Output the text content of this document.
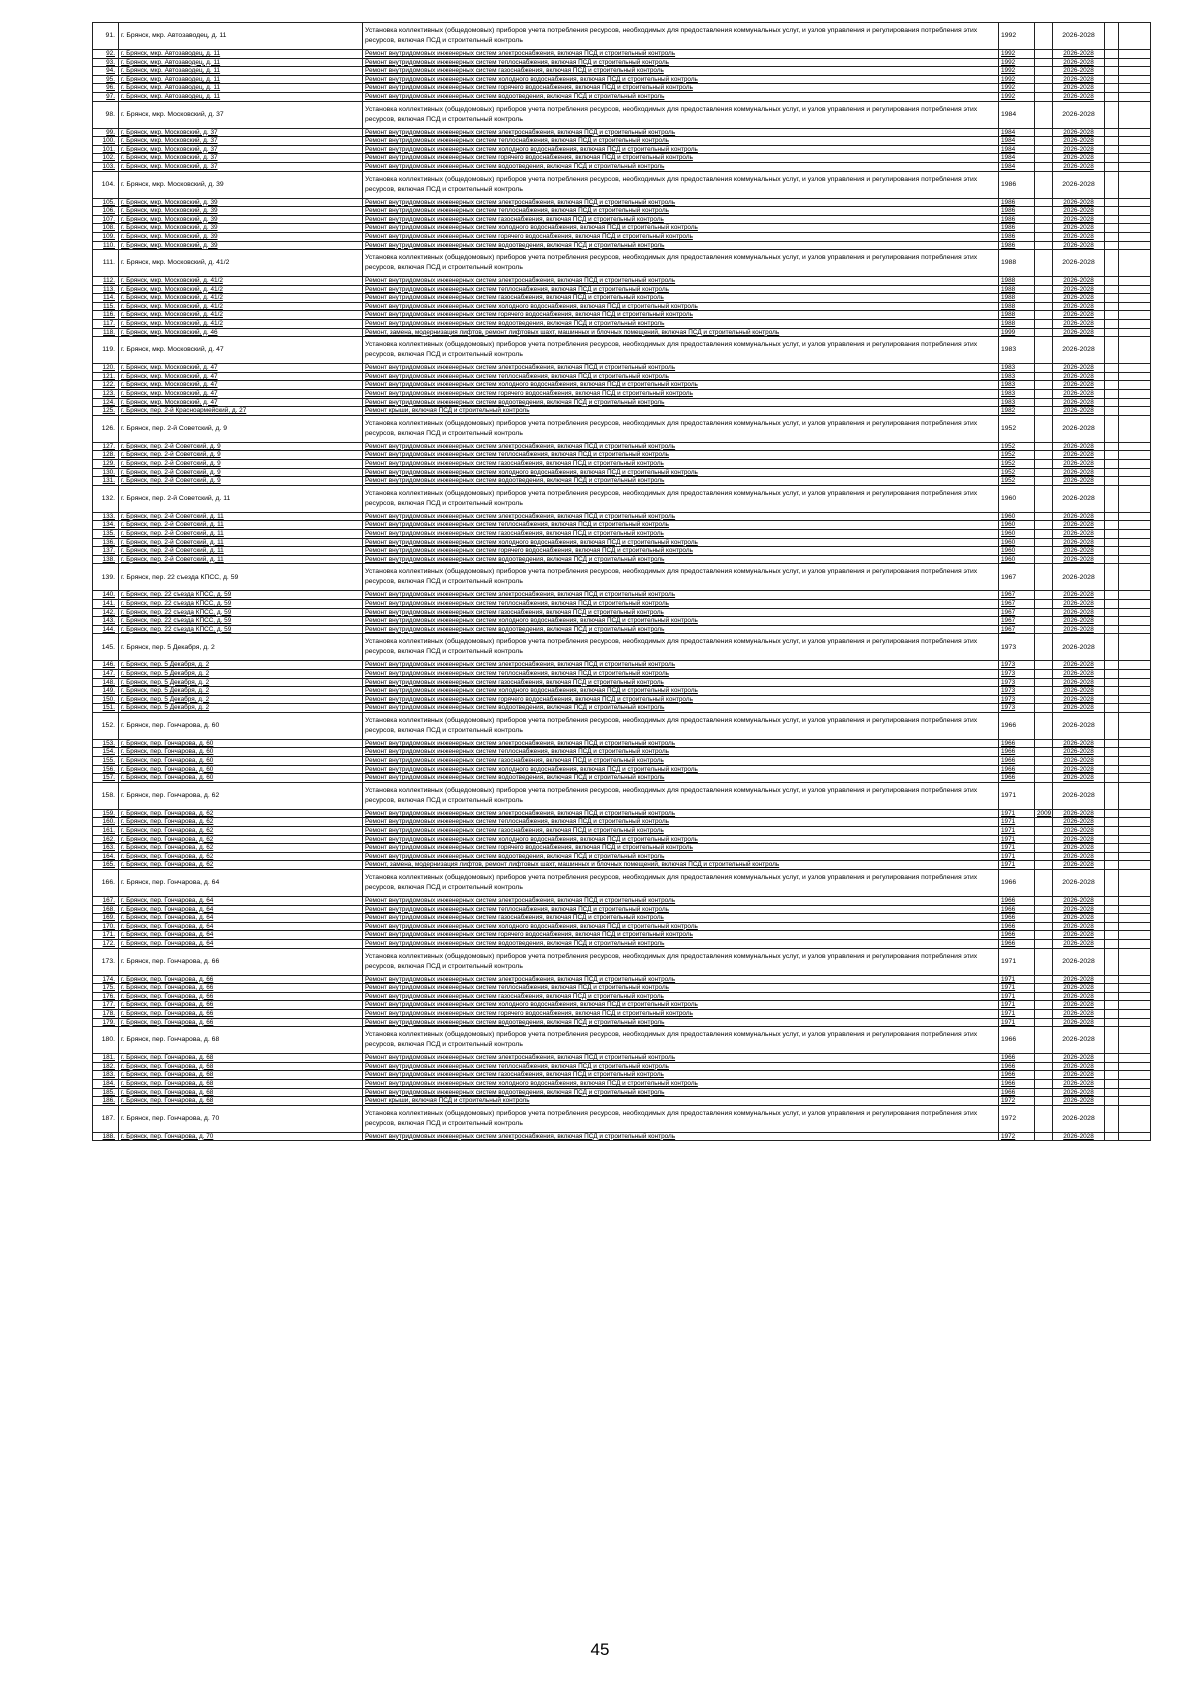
91.	г. Брянск, мкр. Автозаводец, д. 11	Установка коллективных (общедомовых) приборов учета потребления ресурсов, необходимых для предоставления коммунальных услуг, и узлов управления и регулирования потребления этих ресурсов, включая ПСД и строительный контроль	1992		2026-2028		
92.	г. Брянск, мкр. Автозаводец, д. 11	Ремонт внутридомовых инженерных систем электроснабжения, включая ПСД и строительный контроль	1992		2026-2028		
93.	г. Брянск, мкр. Автозаводец, д. 11	Ремонт внутридомовых инженерных систем теплоснабжения, включая ПСД и строительный контроль	1992		2026-2028		
94.	г. Брянск, мкр. Автозаводец, д. 11	Ремонт внутридомовых инженерных систем газоснабжения, включая ПСД и строительный контроль	1992		2026-2028		
95.	г. Брянск, мкр. Автозаводец, д. 11	Ремонт внутридомовых инженерных систем холодного водоснабжения, включая ПСД и строительный контроль	1992		2026-2028		
96.	г. Брянск, мкр. Автозаводец, д. 11	Ремонт внутридомовых инженерных систем горячего водоснабжения, включая ПСД и строительный контроль	1992		2026-2028		
97.	г. Брянск, мкр. Автозаводец, д. 11	Ремонт внутридомовых инженерных систем водоотведения, включая ПСД и строительный контроль	1992		2026-2028		
98.	г. Брянск, мкр. Московский, д. 37	Установка коллективных (общедомовых) приборов учета потребления ресурсов, необходимых для предоставления коммунальных услуг, и узлов управления и регулирования потребления этих ресурсов, включая ПСД и строительный контроль	1984		2026-2028		
99.	г. Брянск, мкр. Московский, д. 37	Ремонт внутридомовых инженерных систем электроснабжения, включая ПСД и строительный контроль	1984		2026-2028		
100.	г. Брянск, мкр. Московский, д. 37	Ремонт внутридомовых инженерных систем теплоснабжения, включая ПСД и строительный контроль	1984		2026-2028		
101.	г. Брянск, мкр. Московский, д. 37	Ремонт внутридомовых инженерных систем холодного водоснабжения, включая ПСД и строительный контроль	1984		2026-2028		
102.	г. Брянск, мкр. Московский, д. 37	Ремонт внутридомовых инженерных систем горячего водоснабжения, включая ПСД и строительный контроль	1984		2026-2028		
103.	г. Брянск, мкр. Московский, д. 37	Ремонт внутридомовых инженерных систем водоотведения, включая ПСД и строительный контроль	1984		2026-2028		
104.	г. Брянск, мкр. Московский, д. 39	Установка коллективных (общедомовых) приборов учета потребления ресурсов, необходимых для предоставления коммунальных услуг, и узлов управления и регулирования потребления этих ресурсов, включая ПСД и строительный контроль	1986		2026-2028		
105.	г. Брянск, мкр. Московский, д. 39	Ремонт внутридомовых инженерных систем электроснабжения, включая ПСД и строительный контроль	1986		2026-2028		
106.	г. Брянск, мкр. Московский, д. 39	Ремонт внутридомовых инженерных систем теплоснабжения, включая ПСД и строительный контроль	1986		2026-2028		
107.	г. Брянск, мкр. Московский, д. 39	Ремонт внутридомовых инженерных систем газоснабжения, включая ПСД и строительный контроль	1986		2026-2028		
108.	г. Брянск, мкр. Московский, д. 39	Ремонт внутридомовых инженерных систем холодного водоснабжения, включая ПСД и строительный контроль	1986		2026-2028		
109.	г. Брянск, мкр. Московский, д. 39	Ремонт внутридомовых инженерных систем горячего водоснабжения, включая ПСД и строительный контроль	1986		2026-2028		
110.	г. Брянск, мкр. Московский, д. 39	Ремонт внутридомовых инженерных систем водоотведения, включая ПСД и строительный контроль	1986		2026-2028		
111.	г. Брянск, мкр. Московский, д. 41/2	Установка коллективных (общедомовых) приборов учета потребления ресурсов, необходимых для предоставления коммунальных услуг, и узлов управления и регулирования потребления этих ресурсов, включая ПСД и строительный контроль	1988		2026-2028		
112.	г. Брянск, мкр. Московский, д. 41/2	Ремонт внутридомовых инженерных систем электроснабжения, включая ПСД и строительный контроль	1988		2026-2028		
113.	г. Брянск, мкр. Московский, д. 41/2	Ремонт внутридомовых инженерных систем теплоснабжения, включая ПСД и строительный контроль	1988		2026-2028		
114.	г. Брянск, мкр. Московский, д. 41/2	Ремонт внутридомовых инженерных систем газоснабжения, включая ПСД и строительный контроль	1988		2026-2028		
115.	г. Брянск, мкр. Московский, д. 41/2	Ремонт внутридомовых инженерных систем холодного водоснабжения, включая ПСД и строительный контроль	1988		2026-2028		
116.	г. Брянск, мкр. Московский, д. 41/2	Ремонт внутридомовых инженерных систем горячего водоснабжения, включая ПСД и строительный контроль	1988		2026-2028		
117.	г. Брянск, мкр. Московский, д. 41/2	Ремонт внутридомовых инженерных систем водоотведения, включая ПСД и строительный контроль	1988		2026-2028		
118.	г. Брянск, мкр. Московский, д. 46	Ремонт, замена, модернизация лифтов, ремонт лифтовых шахт, машинных и блочных помещений, включая ПСД и строительный контроль	1999		2026-2028		
119.	г. Брянск, мкр. Московский, д. 47	Установка коллективных (общедомовых) приборов учета потребления ресурсов, необходимых для предоставления коммунальных услуг, и узлов управления и регулирования потребления этих ресурсов, включая ПСД и строительный контроль	1983		2026-2028		
120.	г. Брянск, мкр. Московский, д. 47	Ремонт внутридомовых инженерных систем электроснабжения, включая ПСД и строительный контроль	1983		2026-2028		
121.	г. Брянск, мкр. Московский, д. 47	Ремонт внутридомовых инженерных систем теплоснабжения, включая ПСД и строительный контроль	1983		2026-2028		
122.	г. Брянск, мкр. Московский, д. 47	Ремонт внутридомовых инженерных систем холодного водоснабжения, включая ПСД и строительный контроль	1983		2026-2028		
123.	г. Брянск, мкр. Московский, д. 47	Ремонт внутридомовых инженерных систем горячего водоснабжения, включая ПСД и строительный контроль	1983		2026-2028		
124.	г. Брянск, мкр. Московский, д. 47	Ремонт внутридомовых инженерных систем водоотведения, включая ПСД и строительный контроль	1983		2026-2028		
125.	г. Брянск, пер. 2-й Красноармейский, д. 27	Ремонт крыши, включая ПСД и строительный контроль	1982		2026-2028		
126.	г. Брянск, пер. 2-й Советский, д. 9	Установка коллективных (общедомовых) приборов учета потребления ресурсов, необходимых для предоставления коммунальных услуг, и узлов управления и регулирования потребления этих ресурсов, включая ПСД и строительный контроль	1952		2026-2028		
127.	г. Брянск, пер. 2-й Советский, д. 9	Ремонт внутридомовых инженерных систем электроснабжения, включая ПСД и строительный контроль	1952		2026-2028		
128.	г. Брянск, пер. 2-й Советский, д. 9	Ремонт внутридомовых инженерных систем теплоснабжения, включая ПСД и строительный контроль	1952		2026-2028		
129.	г. Брянск, пер. 2-й Советский, д. 9	Ремонт внутридомовых инженерных систем газоснабжения, включая ПСД и строительный контроль	1952		2026-2028		
130.	г. Брянск, пер. 2-й Советский, д. 9	Ремонт внутридомовых инженерных систем холодного водоснабжения, включая ПСД и строительный контроль	1952		2026-2028		
131.	г. Брянск, пер. 2-й Советский, д. 9	Ремонт внутридомовых инженерных систем водоотведения, включая ПСД и строительный контроль	1952		2026-2028		
132.	г. Брянск, пер. 2-й Советский, д. 11	Установка коллективных (общедомовых) приборов учета потребления ресурсов, необходимых для предоставления коммунальных услуг, и узлов управления и регулирования потребления этих ресурсов, включая ПСД и строительный контроль	1960		2026-2028		
133.	г. Брянск, пер. 2-й Советский, д. 11	Ремонт внутридомовых инженерных систем электроснабжения, включая ПСД и строительный контроль	1960		2026-2028		
134.	г. Брянск, пер. 2-й Советский, д. 11	Ремонт внутридомовых инженерных систем теплоснабжения, включая ПСД и строительный контроль	1960		2026-2028		
135.	г. Брянск, пер. 2-й Советский, д. 11	Ремонт внутридомовых инженерных систем газоснабжения, включая ПСД и строительный контроль	1960		2026-2028		
136.	г. Брянск, пер. 2-й Советский, д. 11	Ремонт внутридомовых инженерных систем холодного водоснабжения, включая ПСД и строительный контроль	1960		2026-2028		
137.	г. Брянск, пер. 2-й Советский, д. 11	Ремонт внутридомовых инженерных систем горячего водоснабжения, включая ПСД и строительный контроль	1960		2026-2028		
138.	г. Брянск, пер. 2-й Советский, д. 11	Ремонт внутридомовых инженерных систем водоотведения, включая ПСД и строительный контроль	1960		2026-2028		
139.	г. Брянск, пер. 22 съезда КПСС, д. 59	Установка коллективных (общедомовых) приборов учета потребления ресурсов, необходимых для предоставления коммунальных услуг, и узлов управления и регулирования потребления этих ресурсов, включая ПСД и строительный контроль	1967		2026-2028		
140.	г. Брянск, пер. 22 съезда КПСС, д. 59	Ремонт внутридомовых инженерных систем электроснабжения, включая ПСД и строительный контроль	1967		2026-2028		
141.	г. Брянск, пер. 22 съезда КПСС, д. 59	Ремонт внутридомовых инженерных систем теплоснабжения, включая ПСД и строительный контроль	1967		2026-2028		
142.	г. Брянск, пер. 22 съезда КПСС, д. 59	Ремонт внутридомовых инженерных систем газоснабжения, включая ПСД и строительный контроль	1967		2026-2028		
143.	г. Брянск, пер. 22 съезда КПСС, д. 59	Ремонт внутридомовых инженерных систем холодного водоснабжения, включая ПСД и строительный контроль	1967		2026-2028		
144.	г. Брянск, пер. 22 съезда КПСС, д. 59	Ремонт внутридомовых инженерных систем водоотведения, включая ПСД и строительный контроль	1967		2026-2028		
145.	г. Брянск, пер. 5 Декабря, д. 2	Установка коллективных (общедомовых) приборов учета потребления ресурсов, необходимых для предоставления коммунальных услуг, и узлов управления и регулирования потребления этих ресурсов, включая ПСД и строительный контроль	1973		2026-2028		
146.	г. Брянск, пер. 5 Декабря, д. 2	Ремонт внутридомовых инженерных систем электроснабжения, включая ПСД и строительный контроль	1973		2026-2028		
147.	г. Брянск, пер. 5 Декабря, д. 2	Ремонт внутридомовых инженерных систем теплоснабжения, включая ПСД и строительный контроль	1973		2026-2028		
148.	г. Брянск, пер. 5 Декабря, д. 2	Ремонт внутридомовых инженерных систем газоснабжения, включая ПСД и строительный контроль	1973		2026-2028		
149.	г. Брянск, пер. 5 Декабря, д. 2	Ремонт внутридомовых инженерных систем холодного водоснабжения, включая ПСД и строительный контроль	1973		2026-2028		
150.	г. Брянск, пер. 5 Декабря, д. 2	Ремонт внутридомовых инженерных систем горячего водоснабжения, включая ПСД и строительный контроль	1973		2026-2028		
151.	г. Брянск, пер. 5 Декабря, д. 2	Ремонт внутридомовых инженерных систем водоотведения, включая ПСД и строительный контроль	1973		2026-2028		
152.	г. Брянск, пер. Гончарова, д. 60	Установка коллективных (общедомовых) приборов учета потребления ресурсов, необходимых для предоставления коммунальных услуг, и узлов управления и регулирования потребления этих ресурсов, включая ПСД и строительный контроль	1966		2026-2028		
153.	г. Брянск, пер. Гончарова, д. 60	Ремонт внутридомовых инженерных систем электроснабжения, включая ПСД и строительный контроль	1966		2026-2028		
154.	г. Брянск, пер. Гончарова, д. 60	Ремонт внутридомовых инженерных систем теплоснабжения, включая ПСД и строительный контроль	1966		2026-2028		
155.	г. Брянск, пер. Гончарова, д. 60	Ремонт внутридомовых инженерных систем газоснабжения, включая ПСД и строительный контроль	1966		2026-2028		
156.	г. Брянск, пер. Гончарова, д. 60	Ремонт внутридомовых инженерных систем холодного водоснабжения, включая ПСД и строительный контроль	1966		2026-2028		
157.	г. Брянск, пер. Гончарова, д. 60	Ремонт внутридомовых инженерных систем водоотведения, включая ПСД и строительный контроль	1966		2026-2028		
158.	г. Брянск, пер. Гончарова, д. 62	Установка коллективных (общедомовых) приборов учета потребления ресурсов, необходимых для предоставления коммунальных услуг, и узлов управления и регулирования потребления этих ресурсов, включая ПСД и строительный контроль	1971		2026-2028		
159.	г. Брянск, пер. Гончарова, д. 62	Ремонт внутридомовых инженерных систем электроснабжения, включая ПСД и строительный контроль	1971	2009	2026-2028		
160.	г. Брянск, пер. Гончарова, д. 62	Ремонт внутридомовых инженерных систем теплоснабжения, включая ПСД и строительный контроль	1971		2026-2028		
161.	г. Брянск, пер. Гончарова, д. 62	Ремонт внутридомовых инженерных систем газоснабжения, включая ПСД и строительный контроль	1971		2026-2028		
162.	г. Брянск, пер. Гончарова, д. 62	Ремонт внутридомовых инженерных систем холодного водоснабжения, включая ПСД и строительный контроль	1971		2026-2028		
163.	г. Брянск, пер. Гончарова, д. 62	Ремонт внутридомовых инженерных систем горячего водоснабжения, включая ПСД и строительный контроль	1971		2026-2028		
164.	г. Брянск, пер. Гончарова, д. 62	Ремонт внутридомовых инженерных систем водоотведения, включая ПСД и строительный контроль	1971		2026-2028		
165.	г. Брянск, пер. Гончарова, д. 62	Ремонт, замена, модернизация лифтов, ремонт лифтовых шахт, машинных и блочных помещений, включая ПСД и строительный контроль	1971		2026-2028		
166.	г. Брянск, пер. Гончарова, д. 64	Установка коллективных (общедомовых) приборов учета потребления ресурсов, необходимых для предоставления коммунальных услуг, и узлов управления и регулирования потребления этих ресурсов, включая ПСД и строительный контроль	1966		2026-2028		
167.	г. Брянск, пер. Гончарова, д. 64	Ремонт внутридомовых инженерных систем электроснабжения, включая ПСД и строительный контроль	1966		2026-2028		
168.	г. Брянск, пер. Гончарова, д. 64	Ремонт внутридомовых инженерных систем теплоснабжения, включая ПСД и строительный контроль	1966		2026-2028		
169.	г. Брянск, пер. Гончарова, д. 64	Ремонт внутридомовых инженерных систем газоснабжения, включая ПСД и строительный контроль	1966		2026-2028		
170.	г. Брянск, пер. Гончарова, д. 64	Ремонт внутридомовых инженерных систем холодного водоснабжения, включая ПСД и строительный контроль	1966		2026-2028		
171.	г. Брянск, пер. Гончарова, д. 64	Ремонт внутридомовых инженерных систем горячего водоснабжения, включая ПСД и строительный контроль	1966		2026-2028		
172.	г. Брянск, пер. Гончарова, д. 64	Ремонт внутридомовых инженерных систем водоотведения, включая ПСД и строительный контроль	1966		2026-2028		
173.	г. Брянск, пер. Гончарова, д. 66	Установка коллективных (общедомовых) приборов учета потребления ресурсов, необходимых для предоставления коммунальных услуг, и узлов управления и регулирования потребления этих ресурсов, включая ПСД и строительный контроль	1971		2026-2028		
174.	г. Брянск, пер. Гончарова, д. 66	Ремонт внутридомовых инженерных систем электроснабжения, включая ПСД и строительный контроль	1971		2026-2028		
175.	г. Брянск, пер. Гончарова, д. 66	Ремонт внутридомовых инженерных систем теплоснабжения, включая ПСД и строительный контроль	1971		2026-2028		
176.	г. Брянск, пер. Гончарова, д. 66	Ремонт внутридомовых инженерных систем газоснабжения, включая ПСД и строительный контроль	1971		2026-2028		
177.	г. Брянск, пер. Гончарова, д. 66	Ремонт внутридомовых инженерных систем холодного водоснабжения, включая ПСД и строительный контроль	1971		2026-2028		
178.	г. Брянск, пер. Гончарова, д. 66	Ремонт внутридомовых инженерных систем горячего водоснабжения, включая ПСД и строительный контроль	1971		2026-2028		
179.	г. Брянск, пер. Гончарова, д. 66	Ремонт внутридомовых инженерных систем водоотведения, включая ПСД и строительный контроль	1971		2026-2028		
180.	г. Брянск, пер. Гончарова, д. 68	Установка коллективных (общедомовых) приборов учета потребления ресурсов, необходимых для предоставления коммунальных услуг, и узлов управления и регулирования потребления этих ресурсов, включая ПСД и строительный контроль	1966		2026-2028		
181.	г. Брянск, пер. Гончарова, д. 68	Ремонт внутридомовых инженерных систем электроснабжения, включая ПСД и строительный контроль	1966		2026-2028		
182.	г. Брянск, пер. Гончарова, д. 68	Ремонт внутридомовых инженерных систем теплоснабжения, включая ПСД и строительный контроль	1966		2026-2028		
183.	г. Брянск, пер. Гончарова, д. 68	Ремонт внутридомовых инженерных систем газоснабжения, включая ПСД и строительный контроль	1966		2026-2028		
184.	г. Брянск, пер. Гончарова, д. 68	Ремонт внутридомовых инженерных систем холодного водоснабжения, включая ПСД и строительный контроль	1966		2026-2028		
185.	г. Брянск, пер. Гончарова, д. 68	Ремонт внутридомовых инженерных систем водоотведения, включая ПСД и строительный контроль	1966		2026-2028		
186.	г. Брянск, пер. Гончарова, д. 68	Ремонт крыши, включая ПСД и строительный контроль	1972		2026-2028		
187.	г. Брянск, пер. Гончарова, д. 70	Установка коллективных (общедомовых) приборов учета потребления ресурсов, необходимых для предоставления коммунальных услуг, и узлов управления и регулирования потребления этих ресурсов, включая ПСД и строительный контроль	1972		2026-2028		
188.	г. Брянск, пер. Гончарова, д. 70	Ремонт внутридомовых инженерных систем электроснабжения, включая ПСД и строительный контроль	1972		2026-2028		
45
